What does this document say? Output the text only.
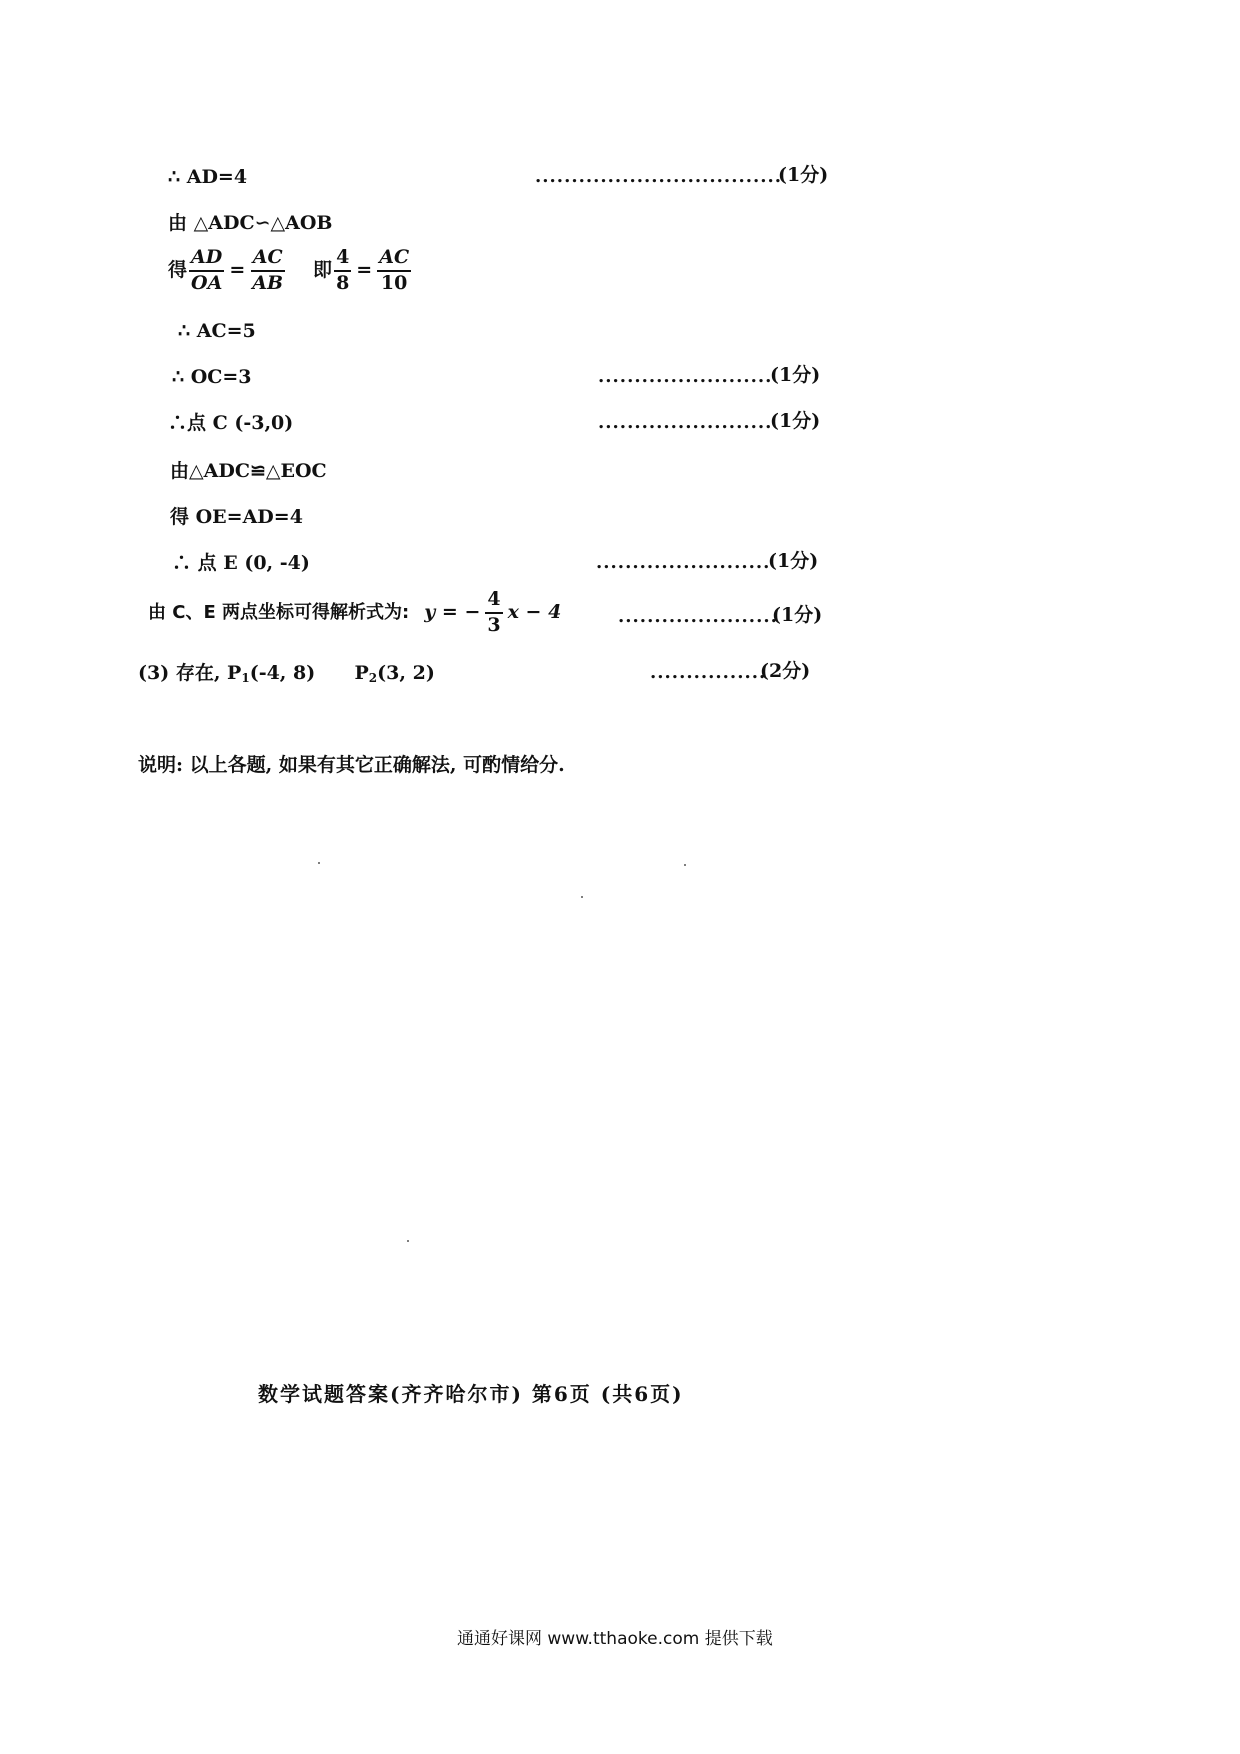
∴ AD=4	..................................
(1分)
由 △ADC∽△AOB
得 $\frac{AD}{OA} = \frac{AC}{AB}$ 即 $\frac{4}{8} = \frac{AC}{10}$
∴ AC=5
∴ OC=3	........................
(1分)
∴点 C (-3,0)	........................
(1分)
由△ADC≌△EOC
得 OE=AD=4
∴ 点 E (0, -4)	........................
(1分)
由 C、E 两点坐标可得解析式为: y = − $\frac{4}{3}$ x − 4	......................
(1分)
(3) 存在, $P_1(-4$, 8) $P_2(3$, 2)	................
(2分)
说明: 以上各题, 如果有其它正确解法, 可酌情给分.
数学试题答案(齐齐哈尔市) 第6页 (共6页)
通通好课网 www.tthaoke.com 提供下载
